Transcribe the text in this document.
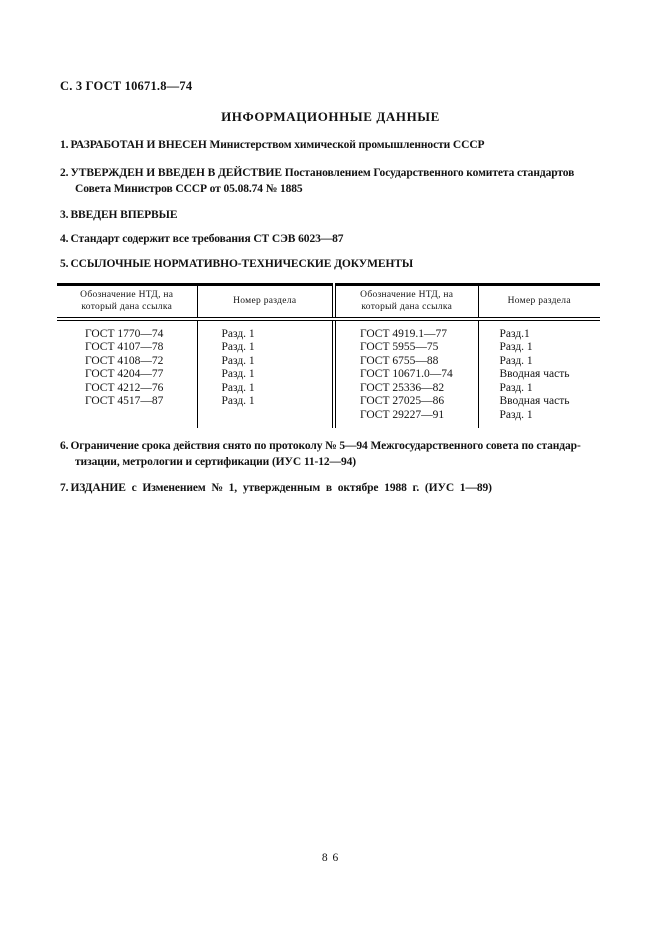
С. 3 ГОСТ 10671.8—74
ИНФОРМАЦИОННЫЕ ДАННЫЕ
1. РАЗРАБОТАН И ВНЕСЕН Министерством химической промышленности СССР
2. УТВЕРЖДЕН И ВВЕДЕН В ДЕЙСТВИЕ Постановлением Государственного комитета стандартов
Совета Министров СССР от 05.08.74 № 1885
3. ВВЕДЕН ВПЕРВЫЕ
4. Стандарт содержит все требования СТ СЭВ 6023—87
5. ССЫЛОЧНЫЕ НОРМАТИВНО-ТЕХНИЧЕСКИЕ ДОКУМЕНТЫ
Обозначение НТД, на который дана ссылка	Номер раздела	Обозначение НТД, на который дана ссылка	Номер раздела
ГОСТ 1770—74	Разд. 1	ГОСТ 4919.1—77	Разд.1
ГОСТ 4107—78	Разд. 1	ГОСТ 5955—75	Разд. 1
ГОСТ 4108—72	Разд. 1	ГОСТ 6755—88	Разд. 1
ГОСТ 4204—77	Разд. 1	ГОСТ 10671.0—74	Вводная часть
ГОСТ 4212—76	Разд. 1	ГОСТ 25336—82	Разд. 1
ГОСТ 4517—87	Разд. 1	ГОСТ 27025—86	Вводная часть
		ГОСТ 29227—91	Разд. 1

6. Ограничение срока действия снято по протоколу № 5—94 Межгосударственного совета по стандар-
тизации, метрологии и сертификации (ИУС 11-12—94)
7. ИЗДАНИЕ с Изменением № 1, утвержденным в октябре 1988 г. (ИУС 1—89)
8 6
